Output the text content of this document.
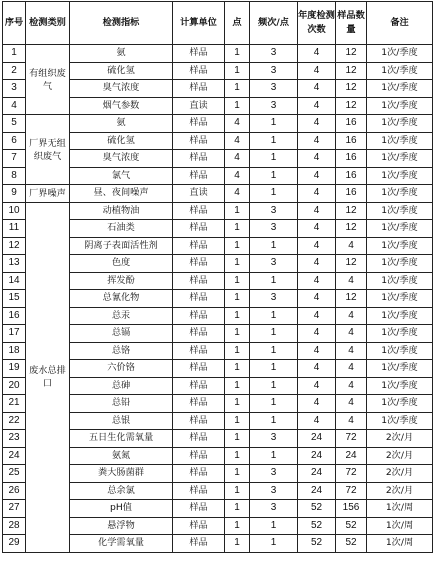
序号	检测类别	检测指标	计算单位	点	频次/点	年度检测次数	样品数量	备注
1	有组织废气	氨	样品	1	3	4	12	1次/季度
2		硫化氢	样品	1	3	4	12	1次/季度
3		臭气浓度	样品	1	3	4	12	1次/季度
4		烟气参数	直读	1	3	4	12	1次/季度
5	厂界无组织废气	氨	样品	4	1	4	16	1次/季度
6		硫化氢	样品	4	1	4	16	1次/季度
7		臭气浓度	样品	4	1	4	16	1次/季度
8		氯气	样品	4	1	4	16	1次/季度
9	厂界噪声	昼、夜间噪声	直读	4	1	4	16	1次/季度
10	废水总排口	动植物油	样品	1	3	4	12	1次/季度
11		石油类	样品	1	3	4	12	1次/季度
12		阴离子表面活性剂	样品	1	1	4	4	1次/季度
13		色度	样品	1	3	4	12	1次/季度
14		挥发酚	样品	1	1	4	4	1次/季度
15		总氰化物	样品	1	3	4	12	1次/季度
16		总汞	样品	1	1	4	4	1次/季度
17		总镉	样品	1	1	4	4	1次/季度
18		总铬	样品	1	1	4	4	1次/季度
19		六价铬	样品	1	1	4	4	1次/季度
20		总砷	样品	1	1	4	4	1次/季度
21		总铅	样品	1	1	4	4	1次/季度
22		总银	样品	1	1	4	4	1次/季度
23		五日生化需氧量	样品	1	3	24	72	2次/月
24		氨氮	样品	1	1	24	24	2次/月
25		粪大肠菌群	样品	1	3	24	72	2次/月
26		总余氯	样品	1	3	24	72	2次/月
27		pH值	样品	1	3	52	156	1次/周
28		悬浮物	样品	1	1	52	52	1次/周
29		化学需氧量	样品	1	1	52	52	1次/周
